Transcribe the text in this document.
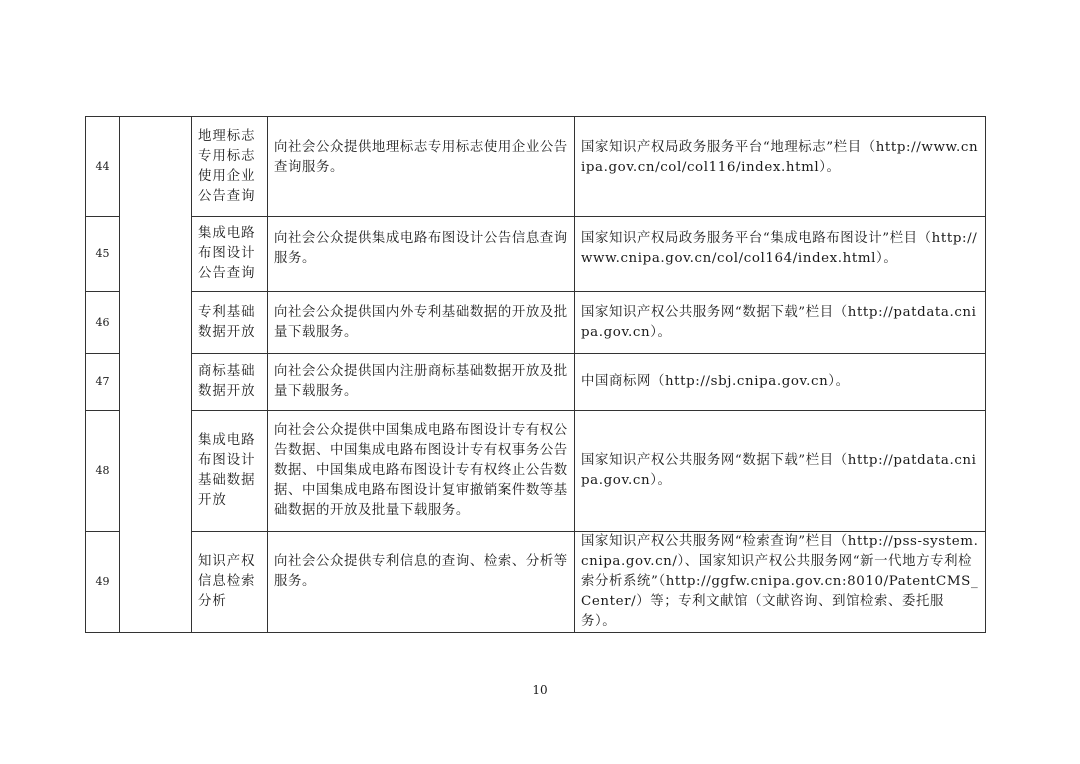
44		地理标志专用标志使用企业公告查询	向社会公众提供地理标志专用标志使用企业公告查询服务。	国家知识产权局政务服务平台“地理标志”栏目（http://www.cnipa.gov.cn/col/col116/index.html）。
45		集成电路布图设计公告查询	向社会公众提供集成电路布图设计公告信息查询服务。	国家知识产权局政务服务平台“集成电路布图设计”栏目（http://www.cnipa.gov.cn/col/col164/index.html）。
46		专利基础数据开放	向社会公众提供国内外专利基础数据的开放及批量下载服务。	国家知识产权公共服务网“数据下载”栏目（http://patdata.cnipa.gov.cn）。
47		商标基础数据开放	向社会公众提供国内注册商标基础数据开放及批量下载服务。	中国商标网（http://sbj.cnipa.gov.cn）。
48		集成电路布图设计基础数据开放	向社会公众提供中国集成电路布图设计专有权公告数据、中国集成电路布图设计专有权事务公告数据、中国集成电路布图设计专有权终止公告数据、中国集成电路布图设计复审撤销案件数等基础数据的开放及批量下载服务。	国家知识产权公共服务网“数据下载”栏目（http://patdata.cnipa.gov.cn）。
49		知识产权信息检索分析	向社会公众提供专利信息的查询、检索、分析等服务。	国家知识产权公共服务网“检索查询”栏目（http://pss-system.cnipa.gov.cn/）、国家知识产权公共服务网“新一代地方专利检索分析系统”（http://ggfw.cnipa.gov.cn:8010/PatentCMS_Center/）等；专利文献馆（文献咨询、到馆检索、委托服务）。
10
